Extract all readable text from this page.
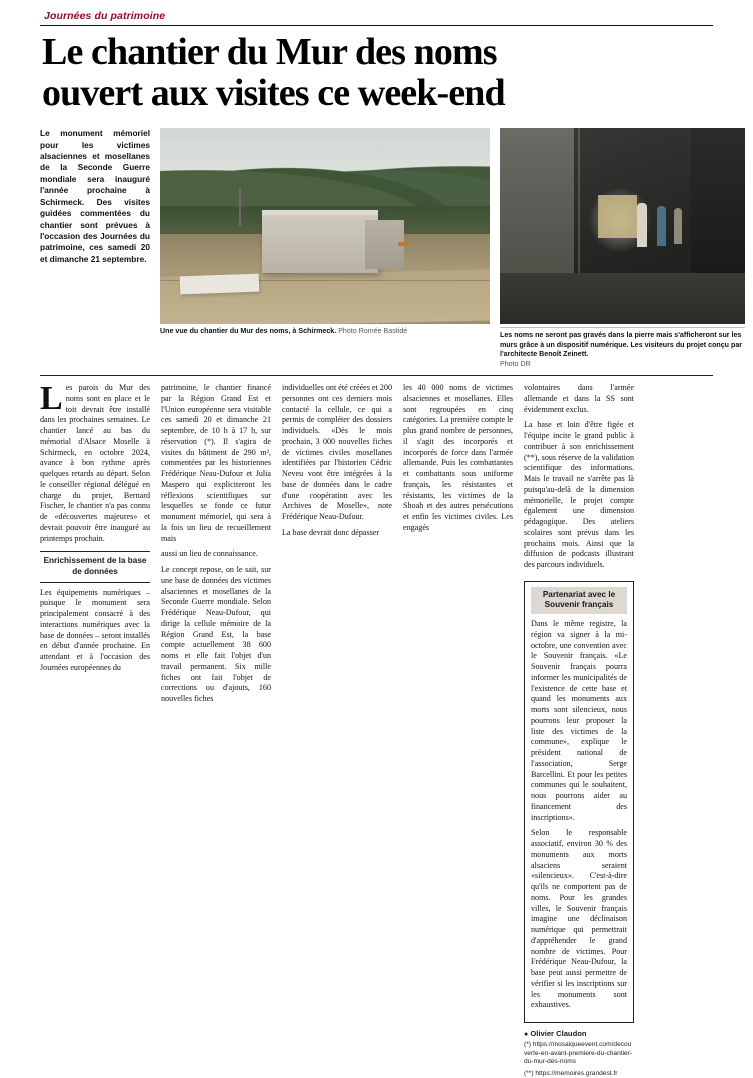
Journées du patrimoine
Le chantier du Mur des noms
ouvert aux visites ce week-end

Le monument mémoriel pour les victimes alsaciennes et mosellanes de la Seconde Guerre mondiale sera inauguré l'année prochaine à Schirmeck. Des visites guidées commentées du chantier sont prévues à l'occasion des Journées du patrimoine, ces samedi 20 et dimanche 21 septembre.

Une vue du chantier du Mur des noms, à Schirmeck. Photo Romée Bastidé	Les noms ne seront pas gravés dans la pierre mais s'afficheront sur les murs grâce à un dispositif numérique. Les visiteurs du projet conçu par l'architecte Benoît Zeinett.
Photo DR

Les parois du Mur des noms sont en place et le toit devrait être installé dans les prochaines semaines. Le chantier lancé au bas du mémorial d'Alsace Moselle à Schirmeck, en octobre 2024, avance à bon rythme après quelques retards au départ. Selon le conseiller régional délégué en charge du projet, Bernard Fischer, le chantier n'a pas connu de «découvertes majeures» et devrait pouvoir être inauguré au printemps prochain.

Enrichissement de la base de données

Les équipements numériques – puisque le monument sera principalement consacré à des interactions numériques avec la base de données – seront installés en début d'année prochaine. En attendant et à l'occasion des Journées européennes du

patrimoine, le chantier financé par la Région Grand Est et l'Union européenne sera visitable ces samedi 20 et dimanche 21 septembre, de 10 h à 17 h, sur réservation (*). Il s'agira de visites du bâtiment de 290 m², commentées par les historiennes Frédérique Neau-Dufour et Julia Maspero qui expliciteront les réflexions scientifiques sur lesquelles se fonde ce futur monument mémoriel, qui sera à la fois un lieu de recueillement mais

aussi un lieu de connaissance.

Le concept repose, on le sait, sur une base de données des victimes alsaciennes et mosellanes de la Seconde Guerre mondiale. Selon Frédérique Neau-Dufour, qui dirige la cellule mémoire de la Région Grand Est, la base compte actuellement 38 600 noms et elle fait l'objet d'un travail permanent. Six mille fiches ont fait l'objet de corrections ou d'ajouts, 160 nouvelles fiches

individuelles ont été créées et 200 personnes ont ces derniers mois contacté la cellule, ce qui a permis de compléter des dossiers individuels. «Dès le mois prochain, 3 000 nouvelles fiches de victimes civiles mosellanes identifiées par l'historien Cédric Neveu vont être intégrées à la base de données dans le cadre d'une coopération avec les Archives de Moselle», note Frédérique Neau-Dufour.

La base devrait donc dépasser

les 40 000 noms de victimes alsaciennes et mosellanes. Elles sont regroupées en cinq catégories. La première compte le plus grand nombre de personnes, il s'agit des incorporés et incorporés de force dans l'armée allemande. Puis les combattantes et combattants sous uniforme français, les résistantes et résistants, les victimes de la Shoah et des autres persécutions et enfin les victimes civiles. Les engagés

volontaires dans l'armée allemande et dans la SS sont évidemment exclus.

La base et loin d'être figée et l'équipe incite le grand public à contribuer à son enrichissement (**), sous réserve de la validation scientifique des informations. Mais le travail ne s'arrête pas là puisqu'au-delà de la dimension mémorielle, le projet compte également une dimension pédagogique. Des ateliers scolaires sont prévus dans les prochains mois. Ainsi que la diffusion de podcasts illustrant des parcours individuels.

Partenariat avec le Souvenir français

Dans le même registre, la région va signer à la mi-octobre, une convention avec le Souvenir français. «Le Souvenir français pourra informer les municipalités de l'existence de cette base et quand les monuments aux morts sont silencieux, nous pourrons leur proposer la liste des victimes de la commune», explique le président national de l'association, Serge Barcellini. Et pour les petites communes qui le souhaitent, nous pourrons aider au financement des inscriptions».

Selon le responsable associatif, environ 30 % des monuments aux morts alsaciens seraient «silencieux». C'est-à-dire qu'ils ne comportent pas de noms. Pour les grandes villes, le Souvenir français imagine une déclinaison numérique qui permettrait d'appréhender le grand nombre de victimes. Pour Frédérique Neau-Dufour, la base peut aussi permettre de vérifier si les inscriptions sur les monuments sont exhaustives.

● Olivier Claudon
(*) https://mosaiqueevent.com/decouverte-en-avant-premiere-du-chantier-du-mur-des-noms
(**) https://memoires.grandest.fr
